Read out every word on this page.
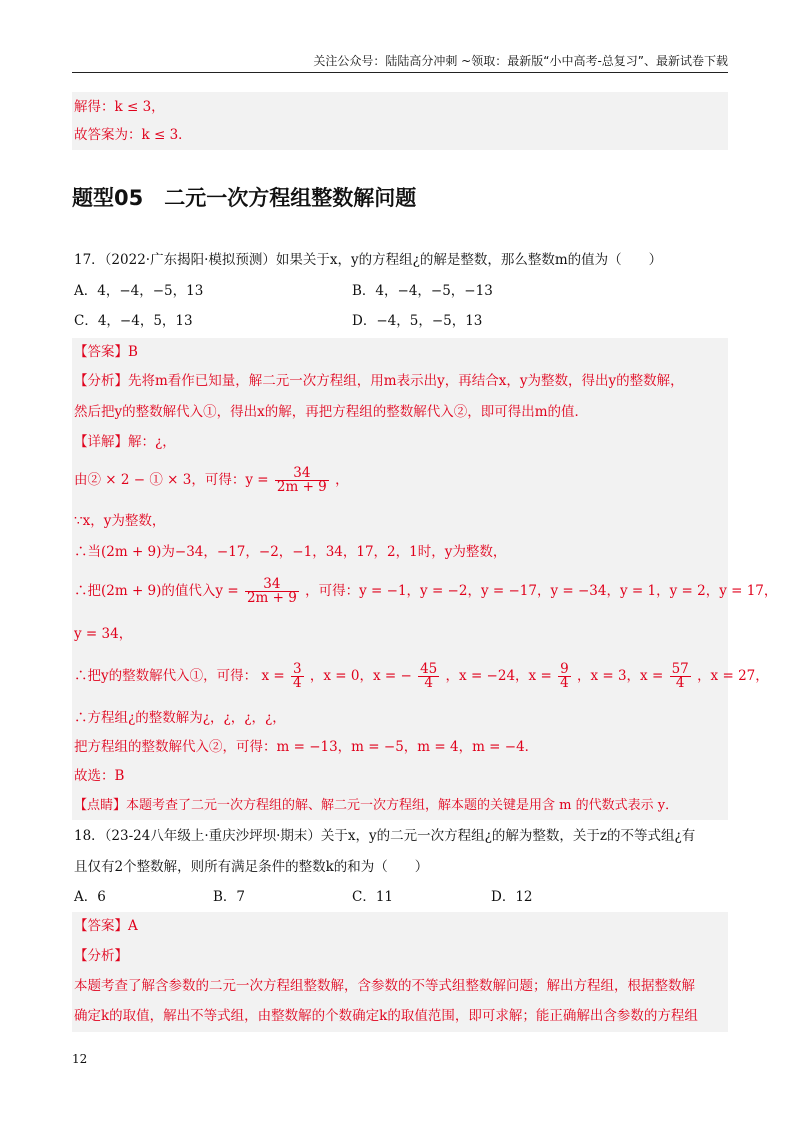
关注公众号：陆陆高分冲刺 ~领取：最新版“小中高考-总复习”、最新试卷下载
解得：k ≤ 3，
故答案为：k ≤ 3．
题型05　二元一次方程组整数解问题
17．（2022·广东揭阳·模拟预测）如果关于x，y的方程组¿的解是整数，那么整数m的值为（　　）
A．4，−4，−5，13	B．4，−4，−5，−13
C．4，−4，5，13	D．−4，5，−5，13
【答案】B
【分析】先将m看作已知量，解二元一次方程组，用m表示出y，再结合x，y为整数，得出y的整数解，
然后把y的整数解代入①，得出x的解，再把方程组的整数解代入②，即可得出m的值．
【详解】解：¿，
由② × 2 − ① × 3，可得：$y = \frac{34}{2m + 9}$ ，
∵x，y为整数，
∴当(2m + 9)为−34，−17，−2，−1，34，17，2，1时，y为整数，
∴把(2m + 9)的值代入$y = \frac{34}{2m + 9}$ ，可得：y = −1，y = −2，y = −17，y = −34，y = 1，y = 2，y = 17，
y = 34，
∴把y的整数解代入①，可得： $x = \frac{3}{4}$ ，x = 0，x = − $\frac{45}{4}$ ，x = −24，$x = \frac{9}{4}$ ，x = 3，$x = \frac{57}{4}$ ，x = 27，
∴方程组¿的整数解为¿，¿，¿，¿，
把方程组的整数解代入②，可得：m = −13，m = −5，m = 4，m = −4．
故选：B
【点睛】本题考查了二元一次方程组的解、解二元一次方程组，解本题的关键是用含 m 的代数式表示 y．
18．（23-24八年级上·重庆沙坪坝·期末）关于x，y的二元一次方程组¿的解为整数，关于z的不等式组¿有
且仅有2个整数解，则所有满足条件的整数k的和为（　　）
A．6	B．7	C．11	D．12
【答案】A
【分析】
本题考查了解含参数的二元一次方程组整数解，含参数的不等式组整数解问题；解出方程组，根据整数解
确定k的取值，解出不等式组，由整数解的个数确定k的取值范围，即可求解；能正确解出含参数的方程组
12
